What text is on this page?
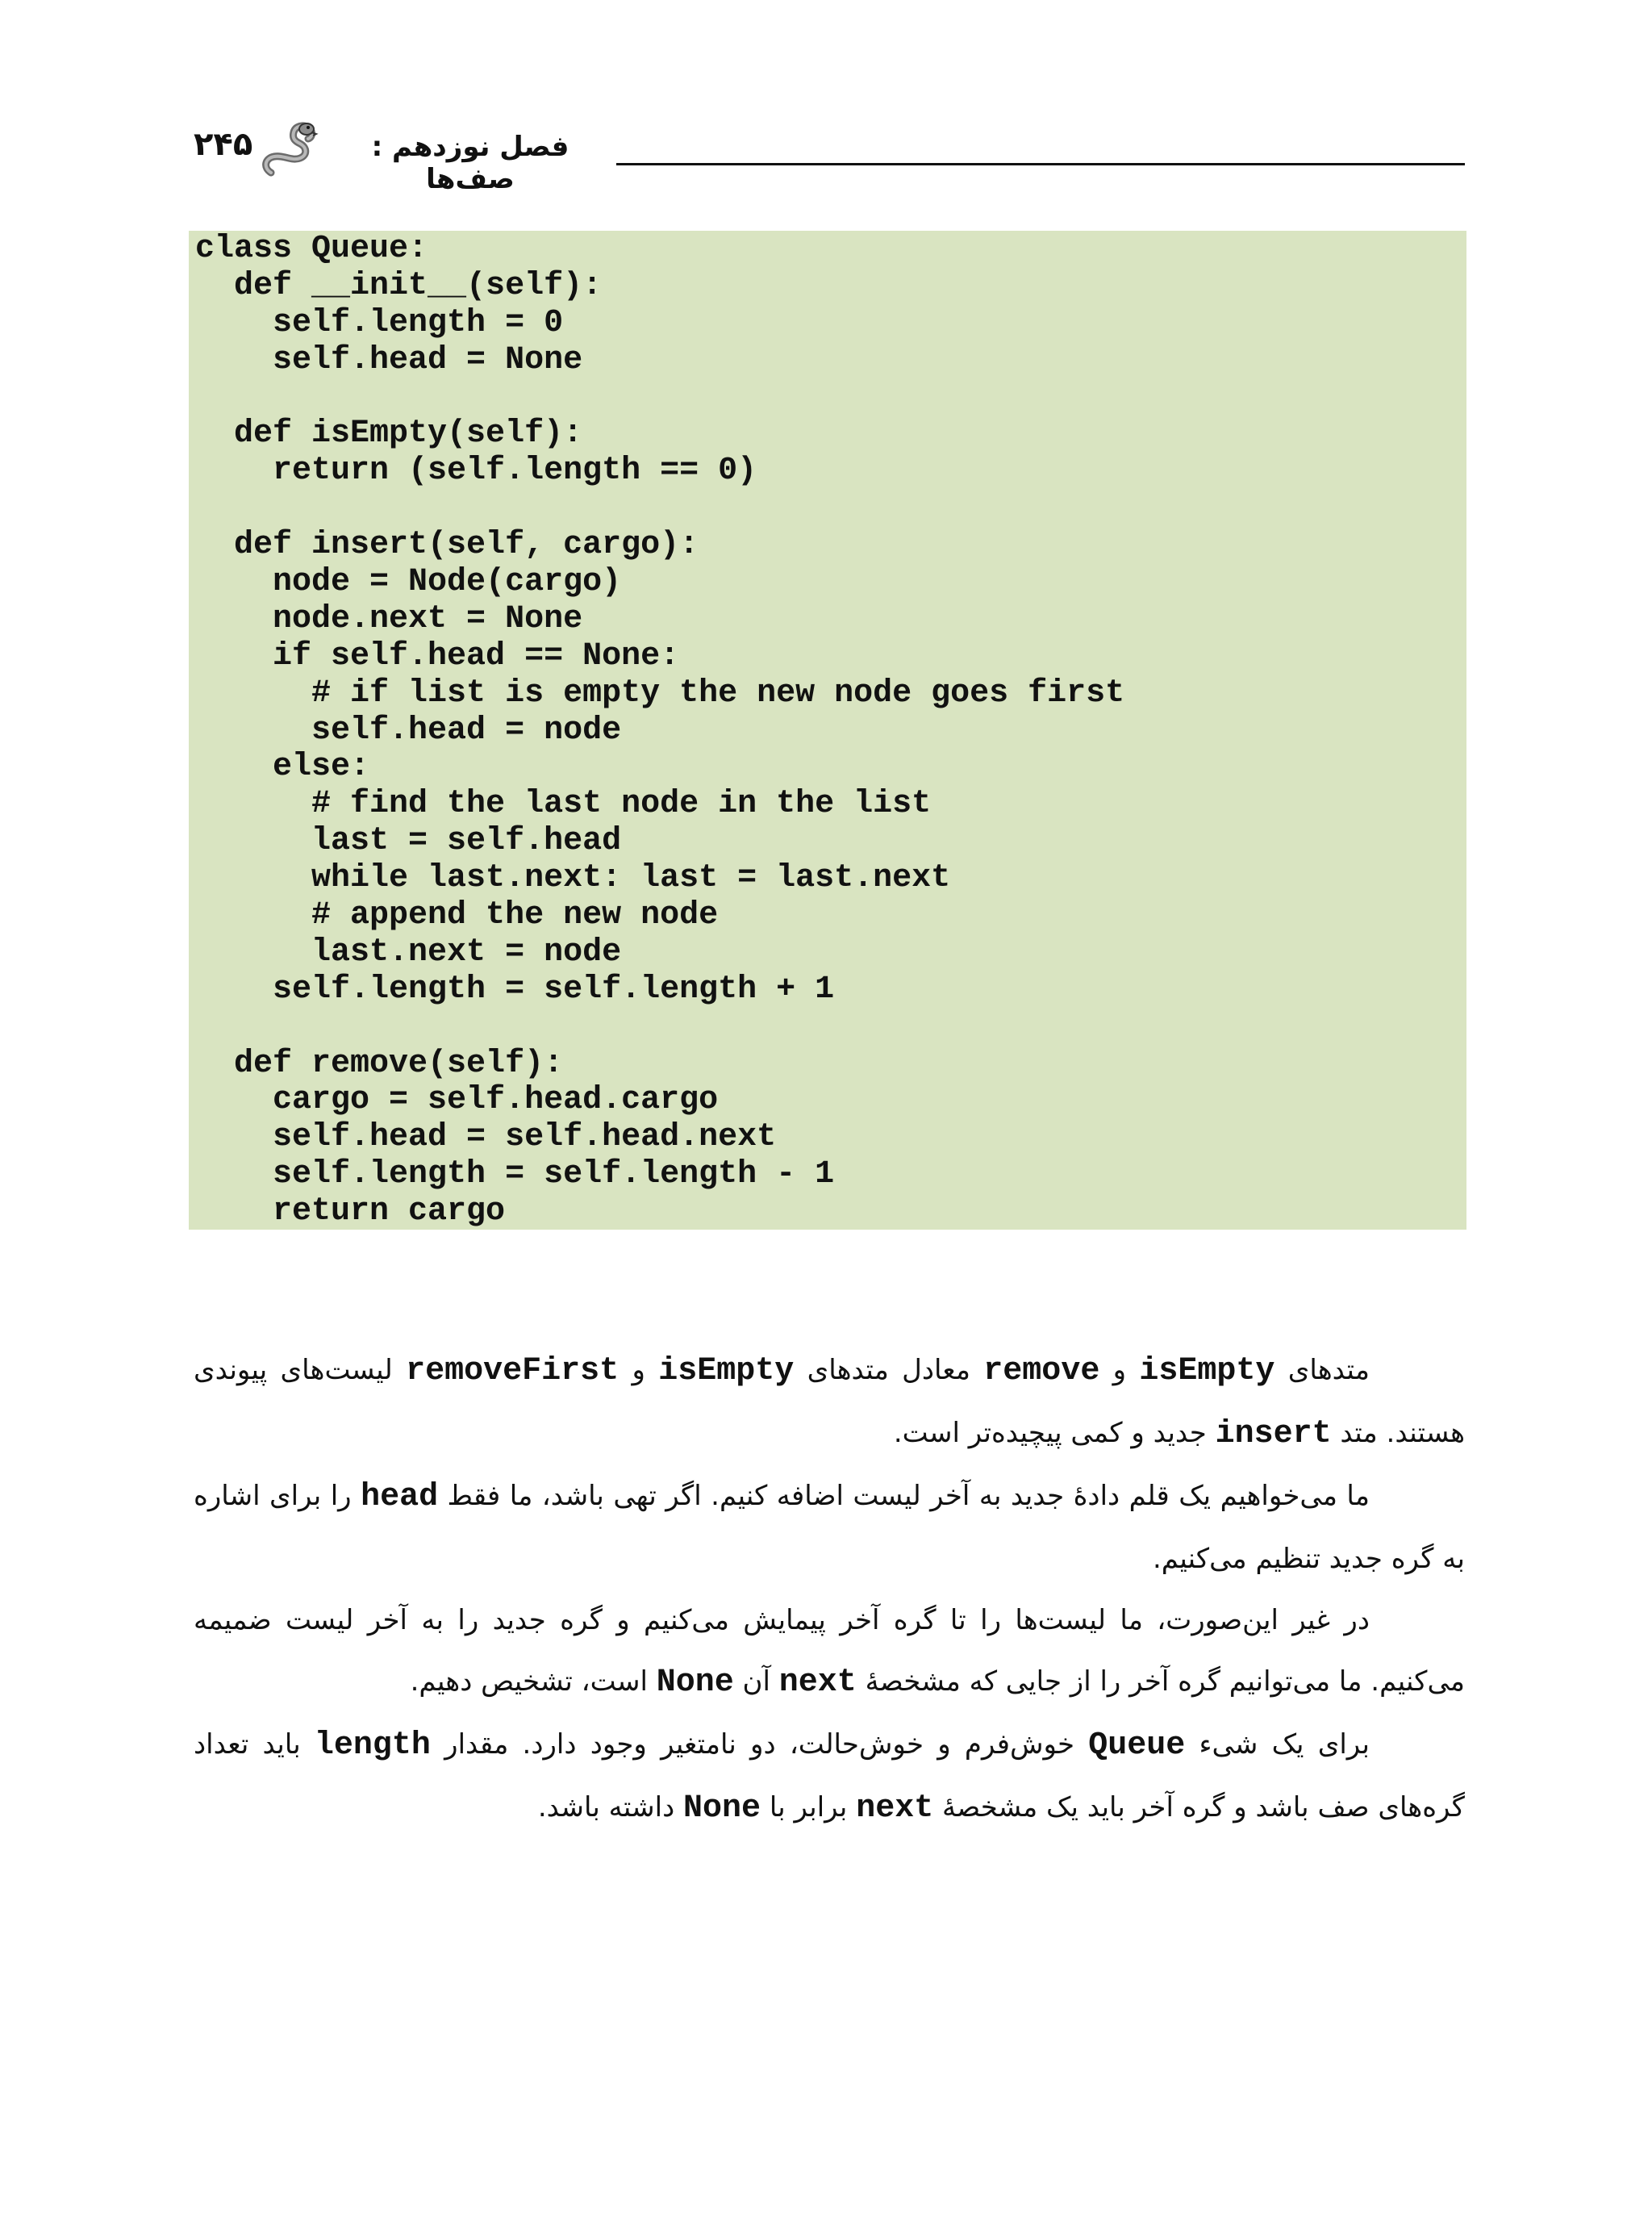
۲۴۵	فصل نوزدهم : صف‌ها
class Queue:
def __init__(self):
self.length = 0
self.head = None
def isEmpty(self):
return (self.length == 0)
def insert(self, cargo):
node = Node(cargo)
node.next = None
if self.head == None:
# if list is empty the new node goes first
self.head = node
else:
# find the last node in the list
last = self.head
while last.next: last = last.next
# append the new node
last.next = node
self.length = self.length + 1
def remove(self):
cargo = self.head.cargo
self.head = self.head.next
self.length = self.length - 1
return cargo

متدهای isEmpty و remove معادل متدهای isEmpty و removeFirst لیست‌های پیوندی هستند. متد insert جدید و کمی پیچیده‌تر است.

ما می‌خواهیم یک قلم دادهٔ جدید به آخر لیست اضافه کنیم. اگر تهی باشد، ما فقط head را برای اشاره به گره جدید تنظیم می‌کنیم.

در غیر این‌صورت، ما لیست‌ها را تا گره آخر پیمایش می‌کنیم و گره جدید را به آخر لیست ضمیمه می‌کنیم. ما می‌توانیم گره آخر را از جایی که مشخصهٔ next آن None است، تشخیص دهیم.

برای یک شیء Queue خوش‌فرم و خوش‌حالت، دو نامتغیر وجود دارد. مقدار length باید تعداد گره‌های صف باشد و گره آخر باید یک مشخصهٔ next برابر با None داشته باشد.
